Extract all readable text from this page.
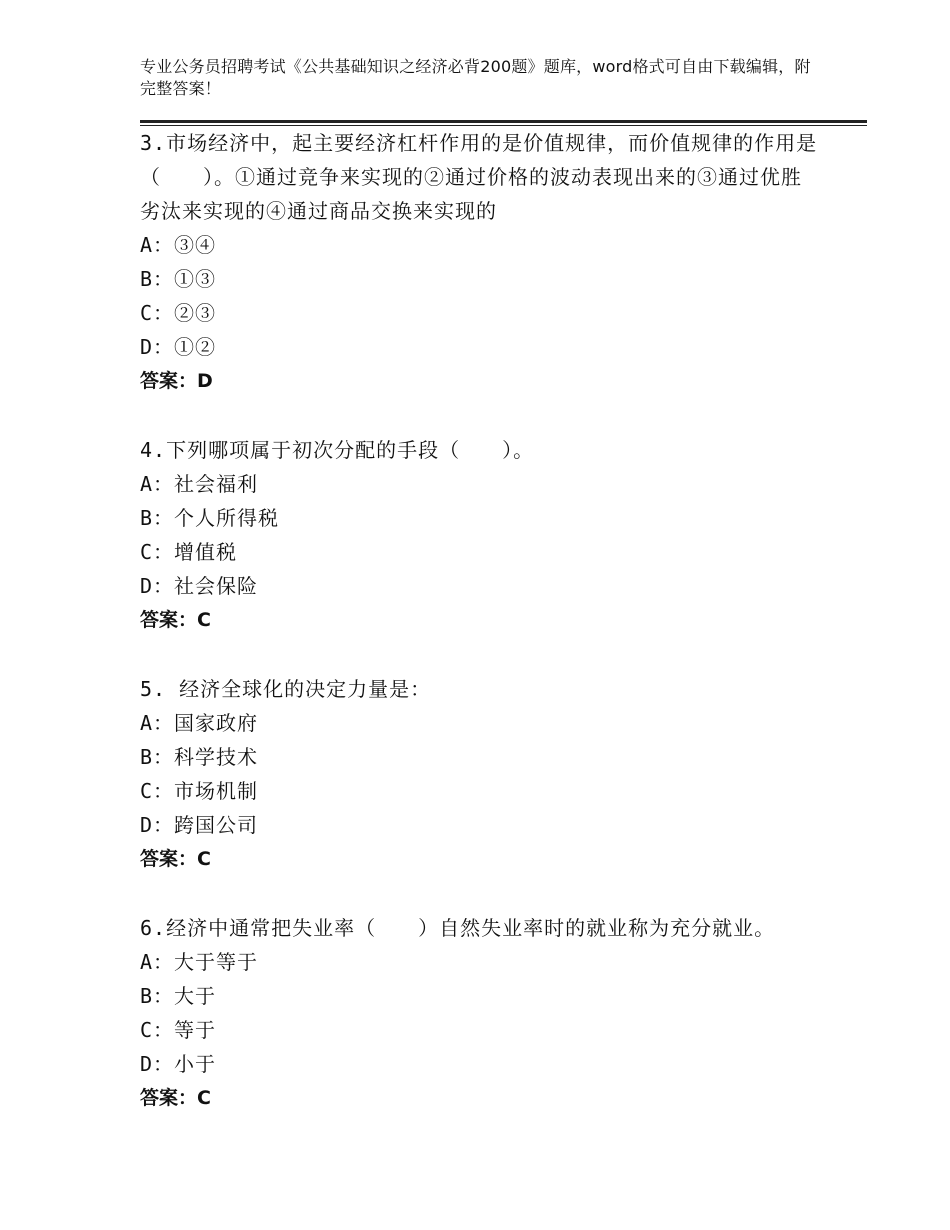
专业公务员招聘考试《公共基础知识之经济必背200题》题库，word格式可自由下载编辑，附完整答案！

3.市场经济中，起主要经济杠杆作用的是价值规律，而价值规律的作用是（　　）。①通过竞争来实现的②通过价格的波动表现出来的③通过优胜劣汰来实现的④通过商品交换来实现的

A：③④
B：①③
C：②③
D：①②
答案：D

4.下列哪项属于初次分配的手段（　　）。

A：社会福利
B：个人所得税
C：增值税
D：社会保险
答案：C

5. 经济全球化的决定力量是：

A：国家政府
B：科学技术
C：市场机制
D：跨国公司
答案：C

6.经济中通常把失业率（　　）自然失业率时的就业称为充分就业。

A：大于等于
B：大于
C：等于
D：小于
答案：C
